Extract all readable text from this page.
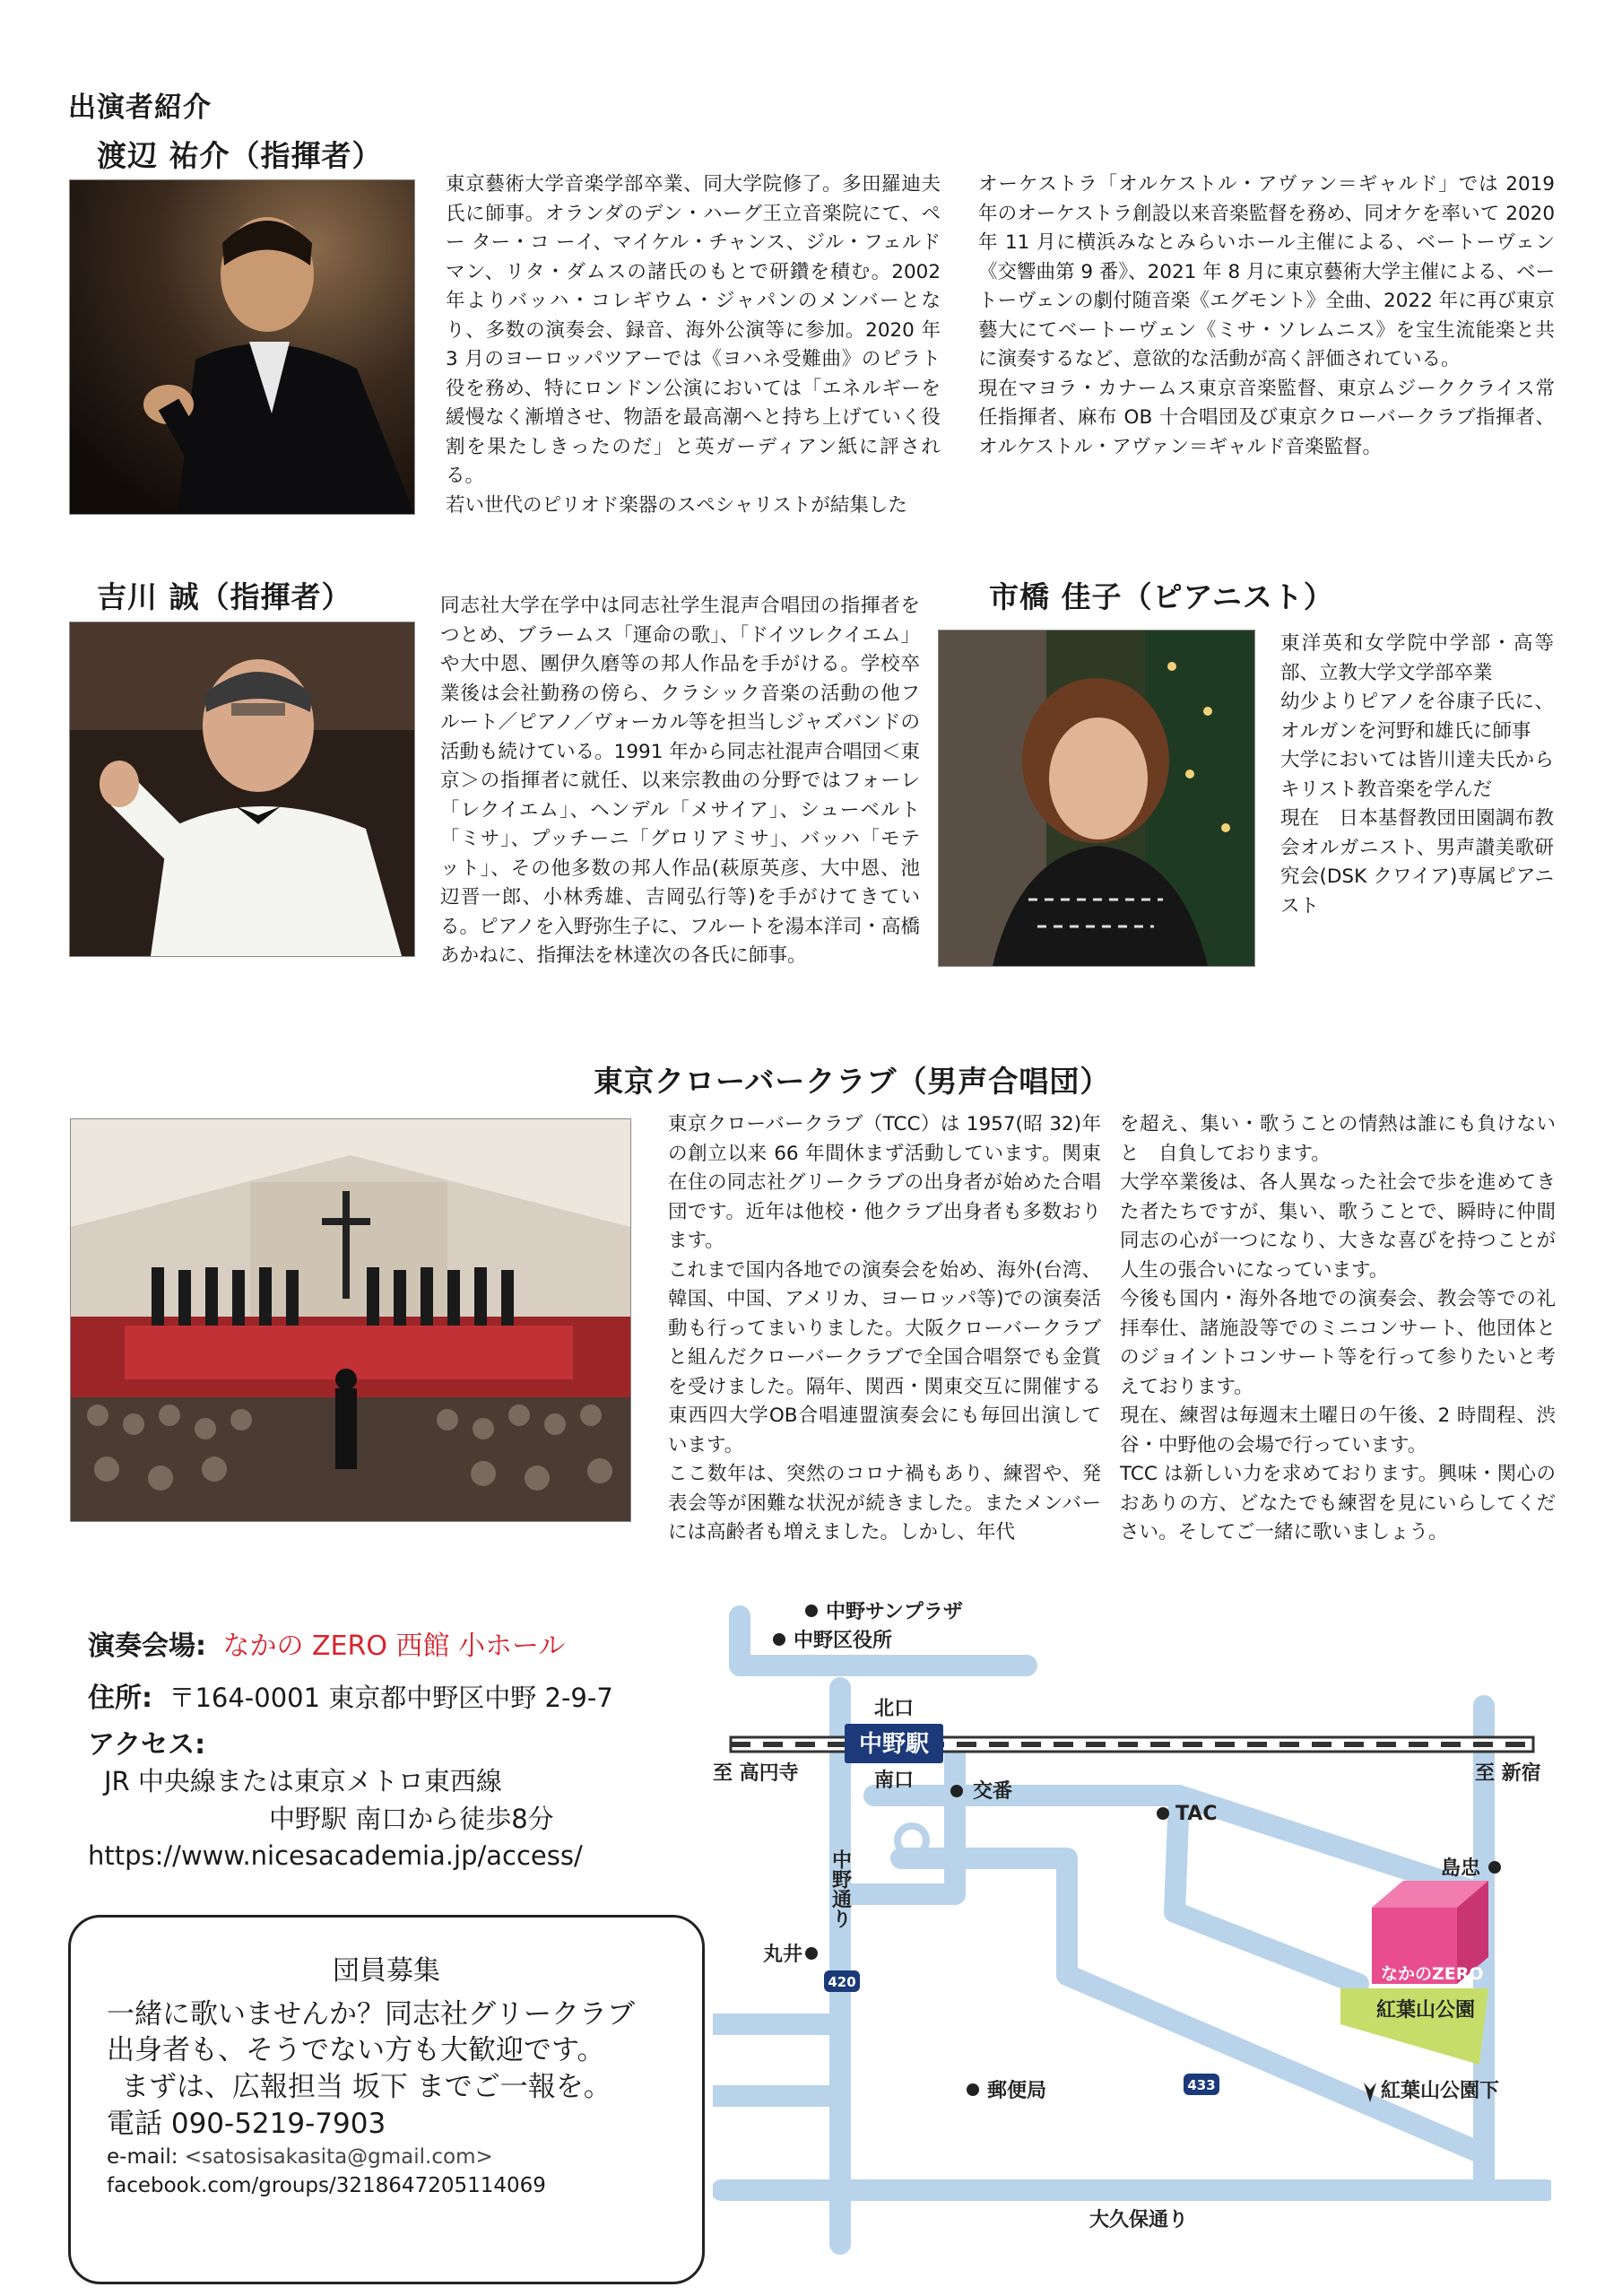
出演者紹介
渡辺 祐介（指揮者）
東京藝術大学音楽学部卒業、同大学院修了。多田羅迪夫氏に師事。オランダのデン・ハーグ王立音楽院にて、ペー ター・コ ーイ、マイケル・チャンス、ジル・フェルドマン、リタ・ダムスの諸氏のもとで研鑽を積む。2002 年よりバッハ・コレギウム・ジャパンのメンバーとなり、多数の演奏会、録音、海外公演等に参加。2020 年 3 月のヨーロッパツアーでは《ヨハネ受難曲》のピラト役を務め、特にロンドン公演においては「エネルギーを緩慢なく漸増させ、物語を最高潮へと持ち上げていく役割を果たしきったのだ」と英ガーディアン紙に評される。
若い世代のピリオド楽器のスペシャリストが結集した
オーケストラ「オルケストル・アヴァン＝ギャルド」では 2019 年のオーケストラ創設以来音楽監督を務め、同オケを率いて 2020 年 11 月に横浜みなとみらいホール主催による、ベートーヴェン《交響曲第 9 番》、2021 年 8 月に東京藝術大学主催による、ベートーヴェンの劇付随音楽《エグモント》全曲、2022 年に再び東京藝大にてベートーヴェン《ミサ・ソレムニス》を宝生流能楽と共に演奏するなど、意欲的な活動が高く評価されている。
現在マヨラ・カナームス東京音楽監督、東京ムジーククライス常任指揮者、麻布 OB 十合唱団及び東京クローバークラブ指揮者、オルケストル・アヴァン＝ギャルド音楽監督。
吉川 誠（指揮者）	同志社大学在学中は同志社学生混声合唱団の指揮者をつとめ、ブラームス「運命の歌」、「ドイツレクイエム」や大中恩、團伊久磨等の邦人作品を手がける。学校卒業後は会社勤務の傍ら、クラシック音楽の活動の他フルート／ピアノ／ヴォーカル等を担当しジャズバンドの活動も続けている。1991 年から同志社混声合唱団＜東京＞の指揮者に就任、以来宗教曲の分野ではフォーレ「レクイエム」、ヘンデル「メサイア」、シューベルト「ミサ」、プッチーニ「グロリアミサ」、バッハ「モテット」、その他多数の邦人作品(萩原英彦、大中恩、池辺晋一郎、小林秀雄、吉岡弘行等)を手がけてきている。ピアノを入野弥生子に、フルートを湯本洋司・高橋あかねに、指揮法を林達次の各氏に師事。
市橋 佳子（ピアニスト）
東洋英和女学院中学部・高等部、立教大学文学部卒業
幼少よりピアノを谷康子氏に、オルガンを河野和雄氏に師事
大学においては皆川達夫氏からキリスト教音楽を学んだ
現在　日本基督教団田園調布教会オルガニスト、男声讃美歌研究会(DSK クワイア)専属ピアニスト
東京クローバークラブ（男声合唱団）
東京クローバークラブ（TCC）は 1957(昭 32)年の創立以来 66 年間休まず活動しています。関東在住の同志社グリークラブの出身者が始めた合唱団です。近年は他校・他クラブ出身者も多数おります。
これまで国内各地での演奏会を始め、海外(台湾、韓国、中国、アメリカ、ヨーロッパ等)での演奏活動も行ってまいりました。大阪クローバークラブと組んだクローバークラブで全国合唱祭でも金賞を受けました。隔年、関西・関東交互に開催する東西四大学OB合唱連盟演奏会にも毎回出演しています。
ここ数年は、突然のコロナ禍もあり、練習や、発表会等が困難な状況が続きました。またメンバーには高齢者も増えました。しかし、年代
を超え、集い・歌うことの情熱は誰にも負けないと　自負しております。
大学卒業後は、各人異なった社会で歩を進めてきた者たちですが、集い、歌うことで、瞬時に仲間同志の心が一つになり、大きな喜びを持つことが人生の張合いになっています。
今後も国内・海外各地での演奏会、教会等での礼拝奉仕、諸施設等でのミニコンサート、他団体とのジョイントコンサート等を行って参りたいと考えております。
現在、練習は毎週末土曜日の午後、2 時間程、渋谷・中野他の会場で行っています。
TCC は新しい力を求めております。興味・関心のおありの方、どなたでも練習を見にいらしてください。そしてご一緒に歌いましょう。
演奏会場: なかの ZERO 西館 小ホール
住所: 〒164-0001 東京都中野区中野 2-9-7
アクセス:
JR 中央線または東京メトロ東西線
中野駅 南口から徒歩8分
https://www.nicesacademia.jp/access/
団員募集
一緒に歌いませんか？同志社グリークラブ
出身者も、そうでない方も大歓迎です。
まずは、広報担当 坂下 までご一報を。
電話 090-5219-7903
e-mail: <satosisakasita@gmail.com>
facebook.com/groups/3218647205114069
中野駅
北口
南口
至 高円寺	至 新宿
中野サンプラザ
中野区役所
交番
TAC
島忠
丸井
郵便局	紅葉山公園下
中野通り
420
433
なかのZERO
紅葉山公園
大久保通り
